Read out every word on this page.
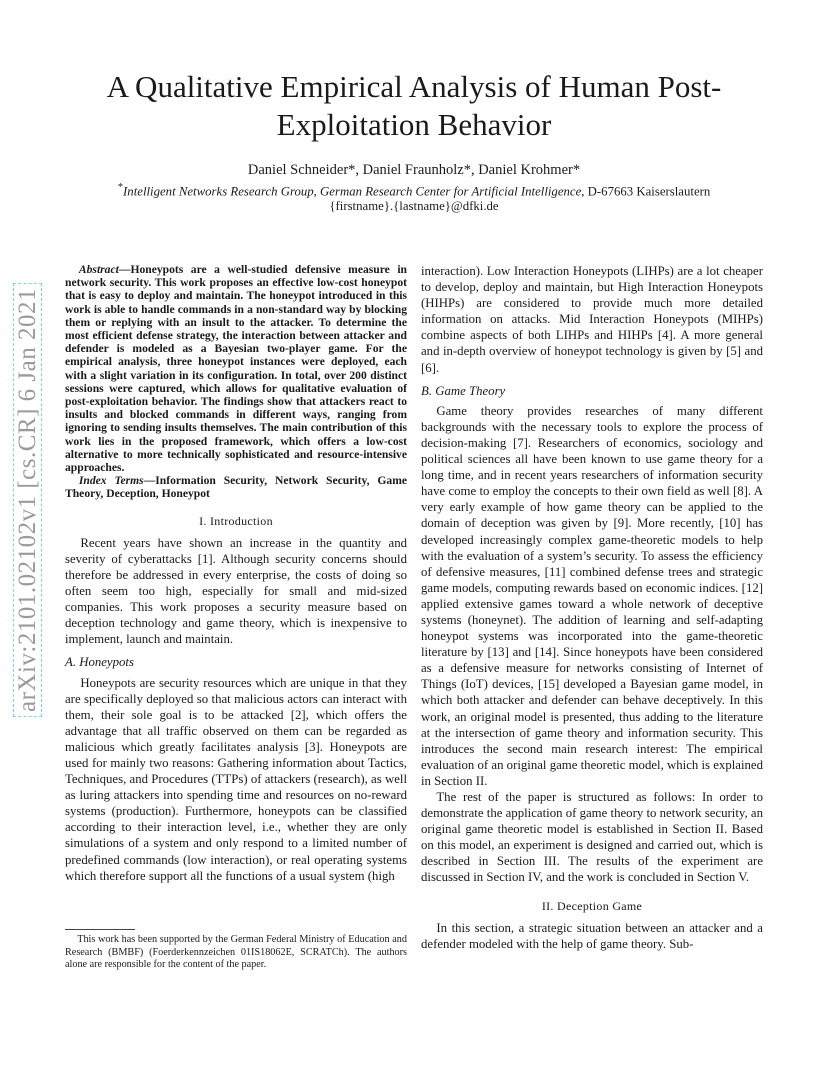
A Qualitative Empirical Analysis of Human Post-Exploitation Behavior
Daniel Schneider*, Daniel Fraunholz*, Daniel Krohmer*
*Intelligent Networks Research Group, German Research Center for Artificial Intelligence, D-67663 Kaiserslautern
{firstname}.{lastname}@dfki.de
arXiv:2101.02102v1 [cs.CR] 6 Jan 2021

Abstract—Honeypots are a well-studied defensive measure in network security. This work proposes an effective low-cost honeypot that is easy to deploy and maintain. The honeypot introduced in this work is able to handle commands in a non-standard way by blocking them or replying with an insult to the attacker. To determine the most efficient defense strategy, the interaction between attacker and defender is modeled as a Bayesian two-player game. For the empirical analysis, three honeypot instances were deployed, each with a slight variation in its configuration. In total, over 200 distinct sessions were captured, which allows for qualitative evaluation of post-exploitation behavior. The findings show that attackers react to insults and blocked commands in different ways, ranging from ignoring to sending insults themselves. The main contribution of this work lies in the proposed framework, which offers a low-cost alternative to more technically sophisticated and resource-intensive approaches.

Index Terms—Information Security, Network Security, Game Theory, Deception, Honeypot

I. Introduction

Recent years have shown an increase in the quantity and severity of cyberattacks [1]. Although security concerns should therefore be addressed in every enterprise, the costs of doing so often seem too high, especially for small and mid-sized companies. This work proposes a security measure based on deception technology and game theory, which is inexpensive to implement, launch and maintain.

A. Honeypots

Honeypots are security resources which are unique in that they are specifically deployed so that malicious actors can interact with them, their sole goal is to be attacked [2], which offers the advantage that all traffic observed on them can be regarded as malicious which greatly facilitates analysis [3]. Honeypots are used for mainly two reasons: Gathering information about Tactics, Techniques, and Procedures (TTPs) of attackers (research), as well as luring attackers into spending time and resources on no-reward systems (production). Furthermore, honeypots can be classified according to their interaction level, i.e., whether they are only simulations of a system and only respond to a limited number of predefined commands (low interaction), or real operating systems which therefore support all the functions of a usual system (high

This work has been supported by the German Federal Ministry of Education and Research (BMBF) (Foerderkennzeichen 01IS18062E, SCRATCh). The authors alone are responsible for the content of the paper.

interaction). Low Interaction Honeypots (LIHPs) are a lot cheaper to develop, deploy and maintain, but High Interaction Honeypots (HIHPs) are considered to provide much more detailed information on attacks. Mid Interaction Honeypots (MIHPs) combine aspects of both LIHPs and HIHPs [4]. A more general and in-depth overview of honeypot technology is given by [5] and [6].

B. Game Theory

Game theory provides researches of many different backgrounds with the necessary tools to explore the process of decision-making [7]. Researchers of economics, sociology and political sciences all have been known to use game theory for a long time, and in recent years researchers of information security have come to employ the concepts to their own field as well [8]. A very early example of how game theory can be applied to the domain of deception was given by [9]. More recently, [10] has developed increasingly complex game-theoretic models to help with the evaluation of a system’s security. To assess the efficiency of defensive measures, [11] combined defense trees and strategic game models, computing rewards based on economic indices. [12] applied extensive games toward a whole network of deceptive systems (honeynet). The addition of learning and self-adapting honeypot systems was incorporated into the game-theoretic literature by [13] and [14]. Since honeypots have been considered as a defensive measure for networks consisting of Internet of Things (IoT) devices, [15] developed a Bayesian game model, in which both attacker and defender can behave deceptively. In this work, an original model is presented, thus adding to the literature at the intersection of game theory and information security. This introduces the second main research interest: The empirical evaluation of an original game theoretic model, which is explained in Section II.

The rest of the paper is structured as follows: In order to demonstrate the application of game theory to network security, an original game theoretic model is established in Section II. Based on this model, an experiment is designed and carried out, which is described in Section III. The results of the experiment are discussed in Section IV, and the work is concluded in Section V.

II. Deception Game

In this section, a strategic situation between an attacker and a defender modeled with the help of game theory. Sub-
